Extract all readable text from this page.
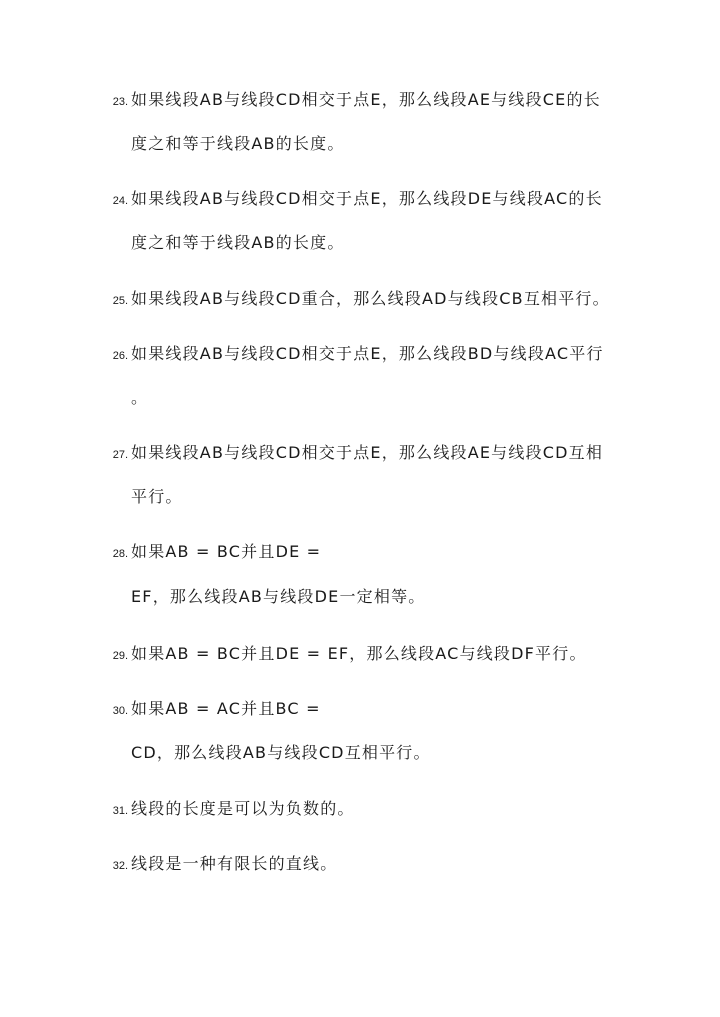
23. 如果线段AB与线段CD相交于点E，那么线段AE与线段CE的长
度之和等于线段AB的长度。
24. 如果线段AB与线段CD相交于点E，那么线段DE与线段AC的长
度之和等于线段AB的长度。
25. 如果线段AB与线段CD重合，那么线段AD与线段CB互相平行。
26. 如果线段AB与线段CD相交于点E，那么线段BD与线段AC平行
。
27. 如果线段AB与线段CD相交于点E，那么线段AE与线段CD互相
平行。
28. 如果AB = BC并且DE =
EF，那么线段AB与线段DE一定相等。
29. 如果AB = BC并且DE = EF，那么线段AC与线段DF平行。
30. 如果AB = AC并且BC =
CD，那么线段AB与线段CD互相平行。
31. 线段的长度是可以为负数的。
32. 线段是一种有限长的直线。
